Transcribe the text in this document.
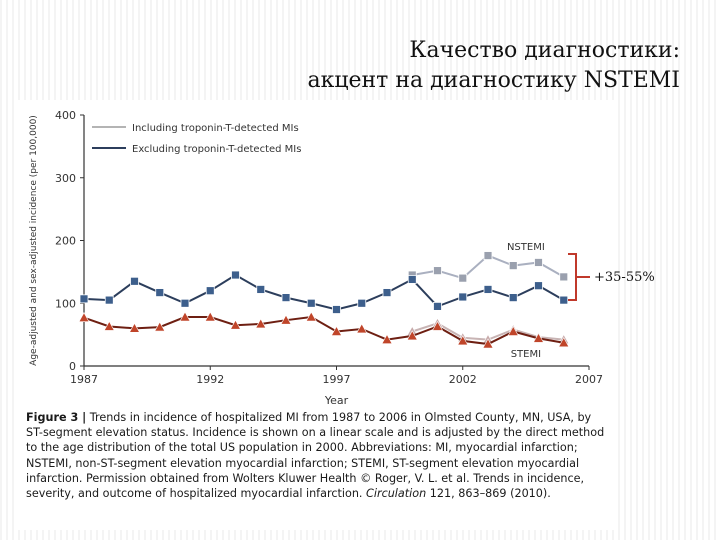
Качество диагностики:
акцент на диагностику NSTEMI
0
100
200
300
400
1987	1992	1997	2002	2007
Year
Age-adjusted and sex-adjusted incidence (per 100,000)	Including troponin-T-detected MIs
Excluding troponin-T-detected MIs
NSTEMI
STEMI
Figure 3 | Trends in incidence of hospitalized MI from 1987 to 2006 in Olmsted County, MN, USA, by ST-segment elevation status. Incidence is shown on a linear scale and is adjusted by the direct method to the age distribution of the total US population in 2000. Abbreviations: MI, myocardial infarction; NSTEMI, non-ST-segment elevation myocardial infarction; STEMI, ST-segment elevation myocardial infarction. Permission obtained from Wolters Kluwer Health © Roger, V. L. et al. Trends in incidence, severity, and outcome of hospitalized myocardial infarction. Circulation 121, 863–869 (2010).
+35-55%
